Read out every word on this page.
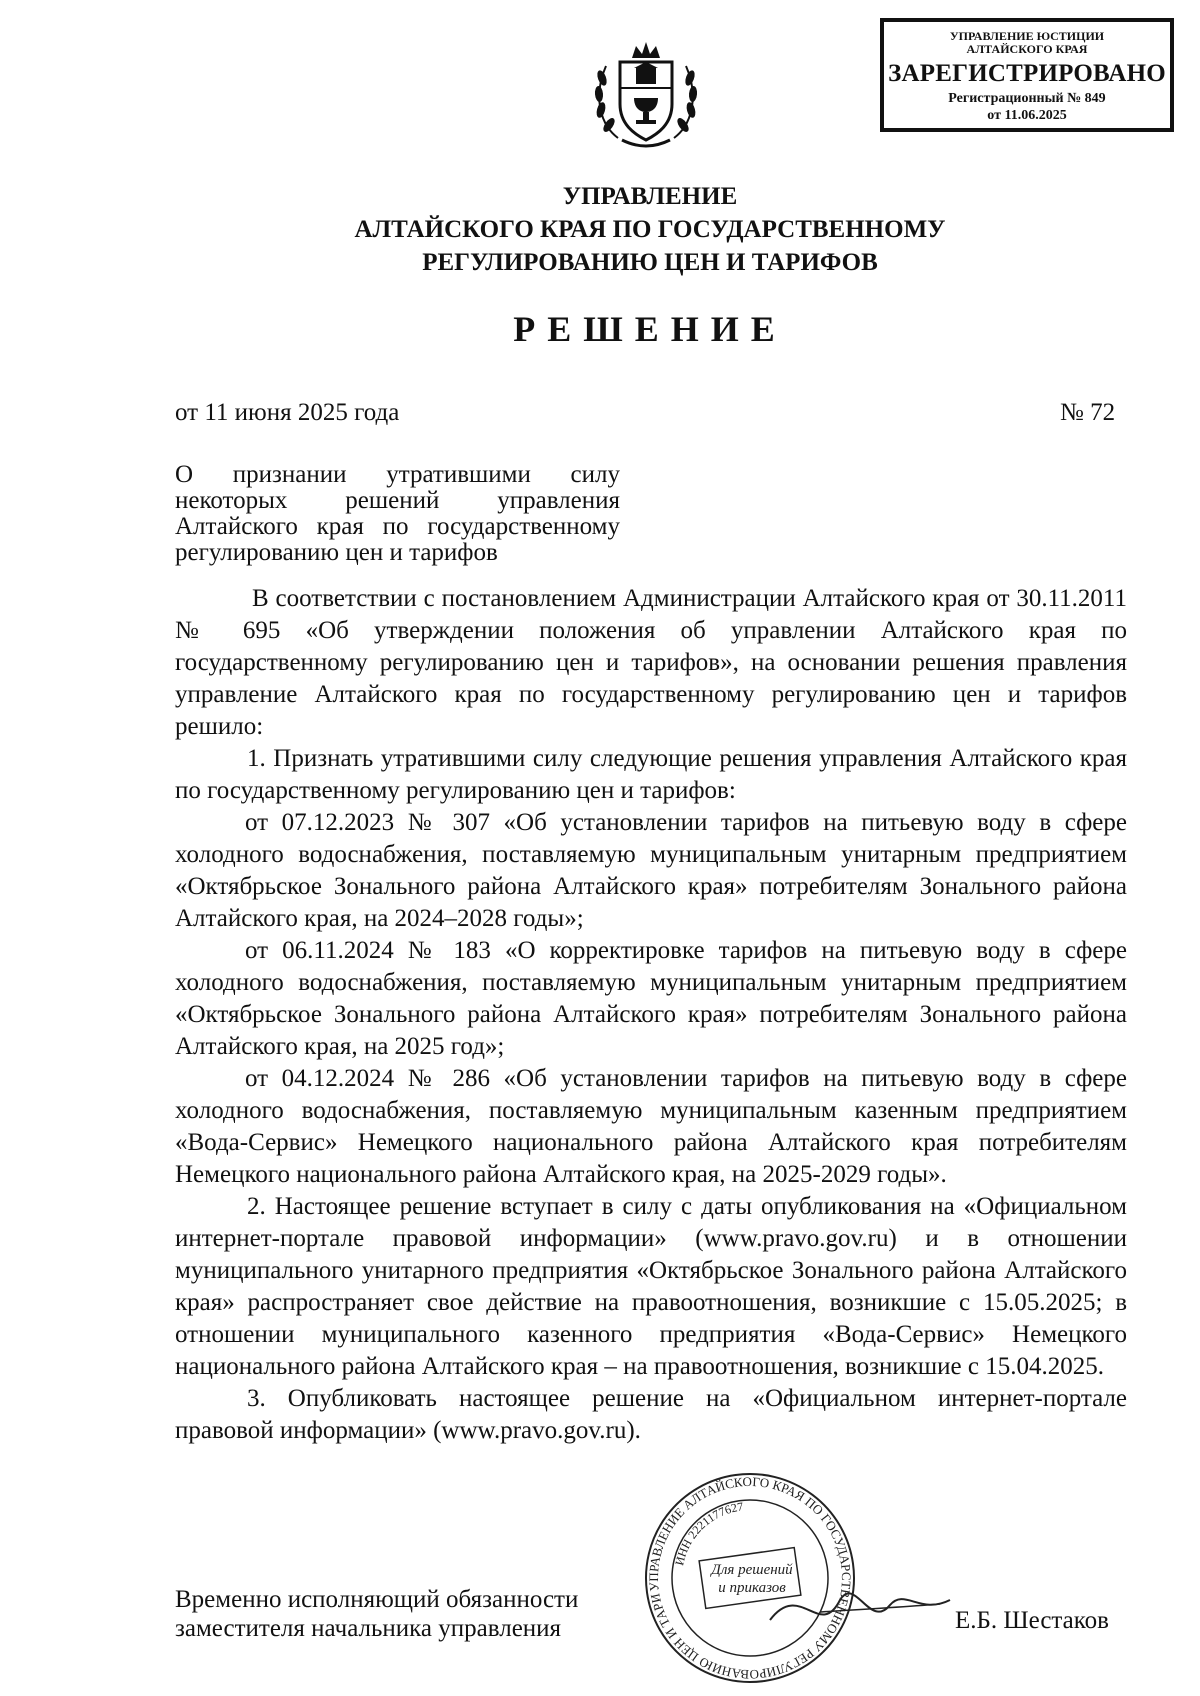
УПРАВЛЕНИЕ ЮСТИЦИИ
АЛТАЙСКОГО КРАЯ
ЗАРЕГИСТРИРОВАНО
Регистрационный № 849
от 11.06.2025
УПРАВЛЕНИЕ
АЛТАЙСКОГО КРАЯ ПО ГОСУДАРСТВЕННОМУ
РЕГУЛИРОВАНИЮ ЦЕН И ТАРИФОВ
РЕШЕНИЕ
от 11 июня 2025 года	№ 72
О признании утратившими силу
некоторых решений управления
Алтайского края по государственному
регулированию цен и тарифов

В соответствии с постановлением Администрации Алтайского края от 30.11.2011 № 695 «Об утверждении положения об управлении Алтайского края по государственному регулированию цен и тарифов», на основании решения правления управление Алтайского края по государственному регулированию цен и тарифов решило:

1. Признать утратившими силу следующие решения управления Алтайского края по государственному регулированию цен и тарифов:

от 07.12.2023 № 307 «Об установлении тарифов на питьевую воду в сфере холодного водоснабжения, поставляемую муниципальным унитарным предприятием «Октябрьское Зонального района Алтайского края» потребителям Зонального района Алтайского края, на 2024–2028 годы»;

от 06.11.2024 № 183 «О корректировке тарифов на питьевую воду в сфере холодного водоснабжения, поставляемую муниципальным унитарным предприятием «Октябрьское Зонального района Алтайского края» потребителям Зонального района Алтайского края, на 2025 год»;

от 04.12.2024 № 286 «Об установлении тарифов на питьевую воду в сфере холодного водоснабжения, поставляемую муниципальным казенным предприятием «Вода-Сервис» Немецкого национального района Алтайского края потребителям Немецкого национального района Алтайского края, на 2025-2029 годы».

2. Настоящее решение вступает в силу с даты опубликования на «Официальном интернет-портале правовой информации» (www.pravo.gov.ru) и в отношении муниципального унитарного предприятия «Октябрьское Зонального района Алтайского края» распространяет свое действие на правоотношения, возникшие с 15.05.2025; в отношении муниципального казенного предприятия «Вода-Сервис» Немецкого национального района Алтайского края – на правоотношения, возникшие с 15.04.2025.

3. Опубликовать настоящее решение на «Официальном интернет-портале правовой информации» (www.pravo.gov.ru).

Временно исполняющий обязанности
заместителя начальника управления	Е.Б. Шестаков
УПРАВЛЕНИЕ АЛТАЙСКОГО КРАЯ ПО ГОСУДАРСТВЕННОМУ РЕГУЛИРОВАНИЮ ЦЕН И ТАРИФОВ
ИНН 2221177627
Для решений
и приказов
